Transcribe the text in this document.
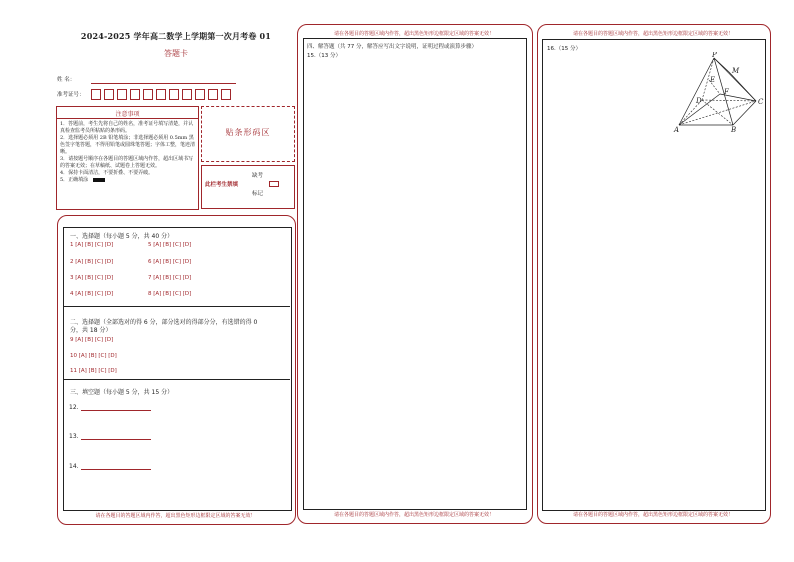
2024-2025 学年高二数学上学期第一次月考卷 01
答题卡
姓 名：
准考证号：
注意事项

1．答题前，考生先将自己的姓名，准考证号填写清楚，并认真检查监考员所粘贴的条形码。

2．选择题必须用 2B 铅笔填涂；非选择题必须用 0.5mm 黑色签字笔答题，不得用铅笔或圆珠笔答题；字体工整，笔迹清晰。

3．请按题号顺序在各题目的答题区域内作答，超出区域书写的答案无效；在草稿纸、试题卷上答题无效。

4．保持卡面清洁，不要折叠、不要弄破。

5．正确填涂

贴条形码区
缺考
此栏考生禁填
标记
一、选择题（每小题 5 分，共 40 分）
1 [A] [B] [C] [D]
2 [A] [B] [C] [D]
3 [A] [B] [C] [D]
4 [A] [B] [C] [D]
5 [A] [B] [C] [D]
6 [A] [B] [C] [D]
7 [A] [B] [C] [D]
8 [A] [B] [C] [D]
二、选择题（全部选对的得 6 分，部分选对的得部分分，有选错的得 0
分，共 18 分）
9 [A] [B] [C] [D]
10 [A] [B] [C] [D]
11 [A] [B] [C] [D]
三、填空题（每小题 5 分，共 15 分）
12.
13.
14.
请在各题目的答题区域内作答，超出黑色矩形边框限定区域的答案无效！
请在各题目的答题区域内作答，超出黑色矩形边框限定区域的答案无效！
四、解答题（共 77 分，解答应写出文字说明，证明过程或演算步骤）
15.（13 分）
请在各题目的答题区域内作答，超出黑色矩形边框限定区域的答案无效！
请在各题目的答题区域内作答，超出黑色矩形边框限定区域的答案无效！
16.（15 分）
P
M
E
F
D	C
A	B
请在各题目的答题区域内作答，超出黑色矩形边框限定区域的答案无效！
